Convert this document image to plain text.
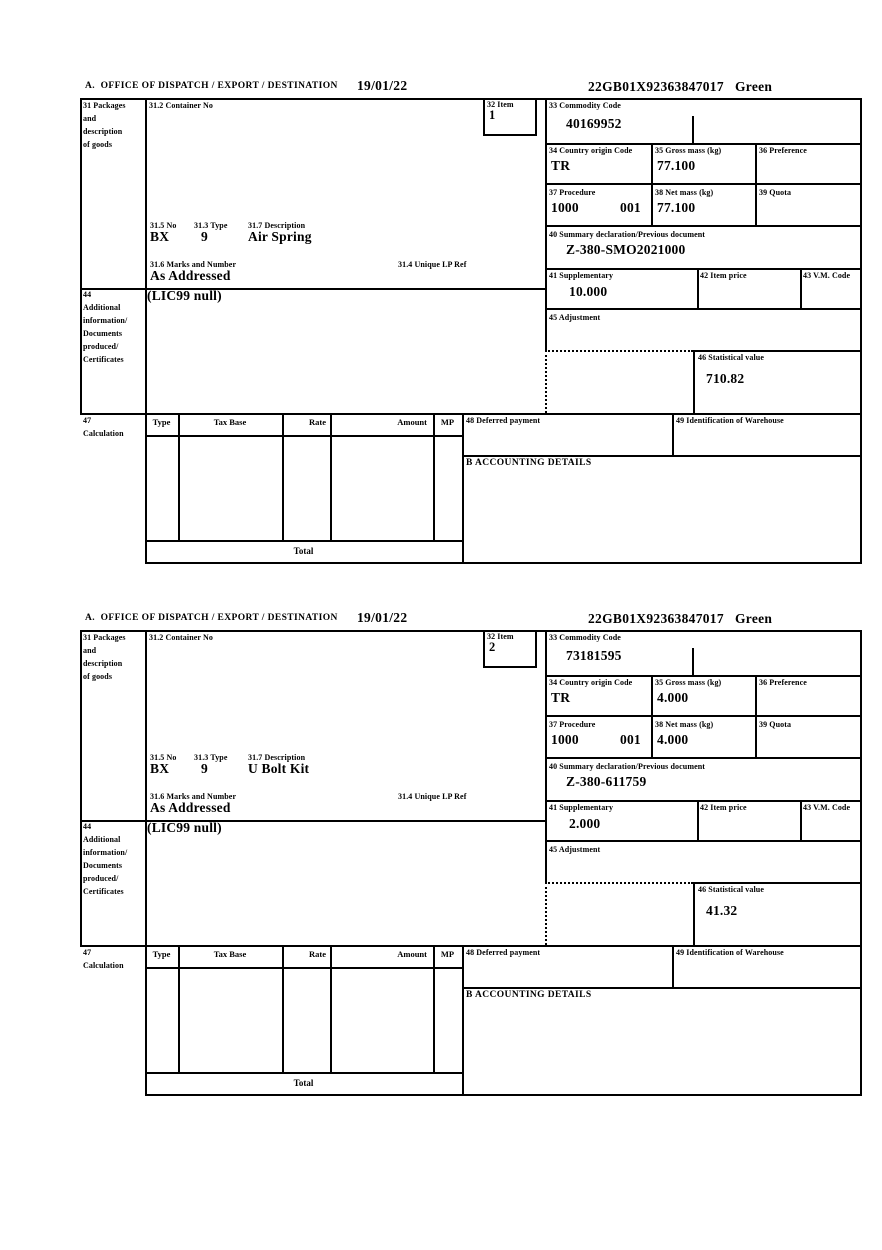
A.  OFFICE OF DISPATCH / EXPORT / DESTINATION 19/01/22	22GB01X92363847017 Green
31 Packages
and
description
of goods
31.2 Container No	32 Item
1
33 Commodity Code
40169952
34 Country origin Code
TR
35 Gross mass (kg)
77.100
36 Preference
37 Procedure
1000	001
38 Net mass (kg)
77.100
39 Quota
40 Summary declaration/Previous document
Z-380-SMO2021000
31.5 No 31.3 Type	31.7 Description
BX 9	Air Spring
31.6 Marks and Number	31.4 Unique LP Ref
As Addressed	41 Supplementary
10.000
42 Item price	43 V.M. Code
44
Additional
information/
Documents
produced/
Certificates
(LIC99 null)
45 Adjustment
46 Statistical value
710.82
47
Calculation
Type	Tax Base	Rate	Amount	MP
Total
48 Deferred payment	49 Identification of Warehouse
B ACCOUNTING DETAILS
A.  OFFICE OF DISPATCH / EXPORT / DESTINATION 19/01/22	22GB01X92363847017 Green
31 Packages
and
description
of goods
31.2 Container No	32 Item
2
33 Commodity Code
73181595
34 Country origin Code
TR
35 Gross mass (kg)
4.000
36 Preference
37 Procedure
1000	001
38 Net mass (kg)
4.000
39 Quota
40 Summary declaration/Previous document
Z-380-611759
31.5 No 31.3 Type	31.7 Description
BX 9	U Bolt Kit
31.6 Marks and Number	31.4 Unique LP Ref
As Addressed	41 Supplementary
2.000
42 Item price	43 V.M. Code
44
Additional
information/
Documents
produced/
Certificates
(LIC99 null)
45 Adjustment
46 Statistical value
41.32
47
Calculation
Type	Tax Base	Rate	Amount	MP
Total
48 Deferred payment	49 Identification of Warehouse
B ACCOUNTING DETAILS
